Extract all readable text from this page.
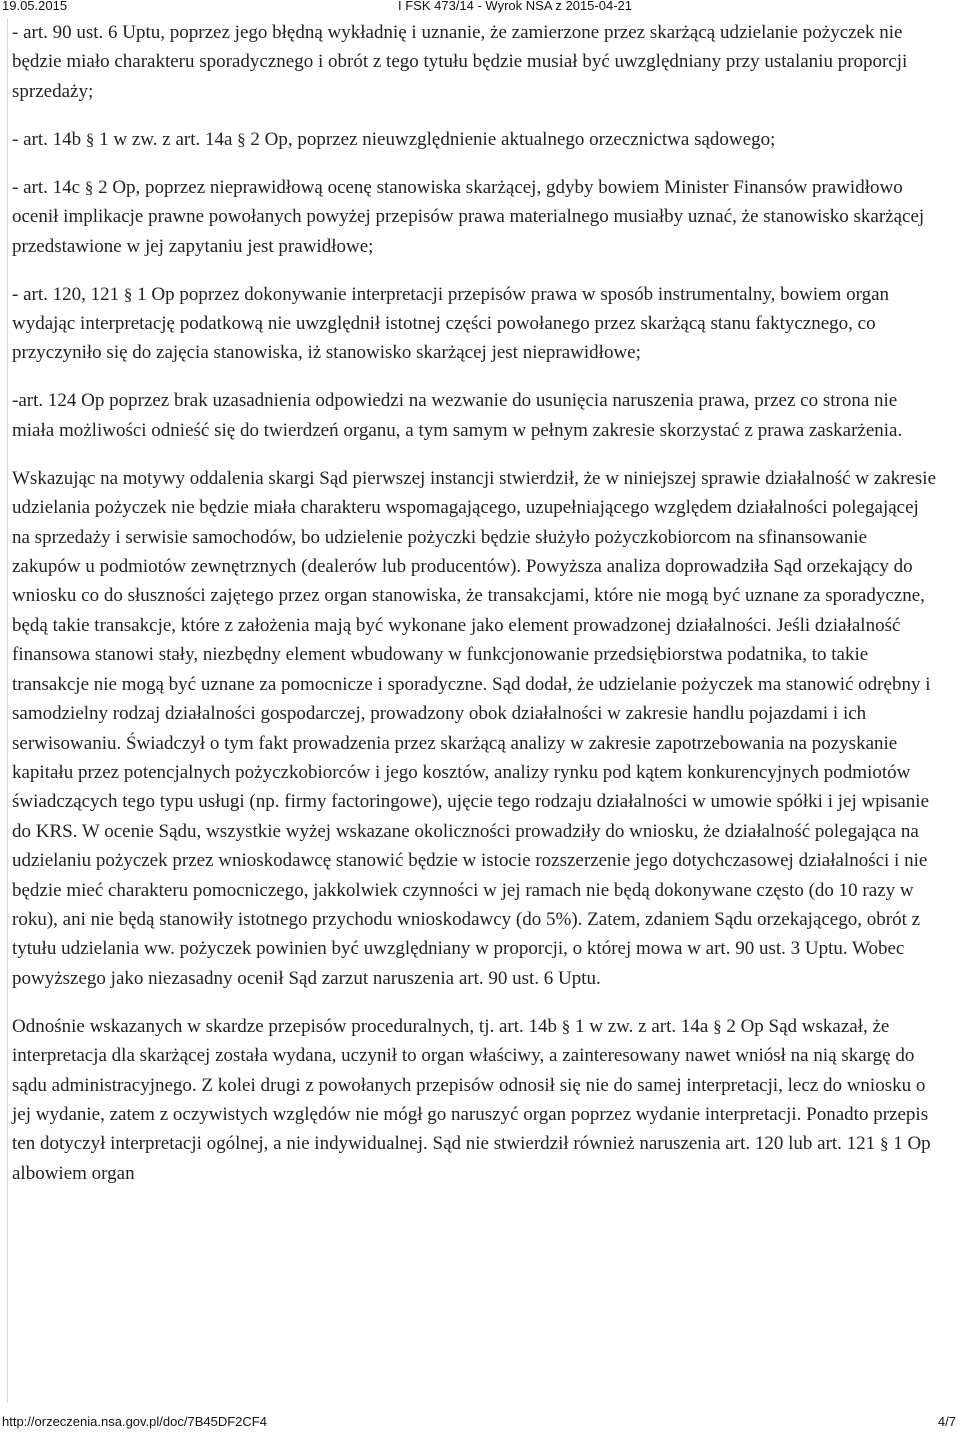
19.05.2015	I FSK 473/14 - Wyrok NSA z 2015-04-21

- art. 90 ust. 6 Uptu, poprzez jego błędną wykładnię i uznanie, że zamierzone przez skarżącą udzielanie pożyczek nie będzie miało charakteru sporadycznego i obrót z tego tytułu będzie musiał być uwzględniany przy ustalaniu proporcji sprzedaży;

- art. 14b § 1 w zw. z art. 14a § 2 Op, poprzez nieuwzględnienie aktualnego orzecznictwa sądowego;

- art. 14c § 2 Op, poprzez nieprawidłową ocenę stanowiska skarżącej, gdyby bowiem Minister Finansów prawidłowo ocenił implikacje prawne powołanych powyżej przepisów prawa materialnego musiałby uznać, że stanowisko skarżącej przedstawione w jej zapytaniu jest prawidłowe;

- art. 120, 121 § 1 Op poprzez dokonywanie interpretacji przepisów prawa w sposób instrumentalny, bowiem organ wydając interpretację podatkową nie uwzględnił istotnej części powołanego przez skarżącą stanu faktycznego, co przyczyniło się do zajęcia stanowiska, iż stanowisko skarżącej jest nieprawidłowe;

-art. 124 Op poprzez brak uzasadnienia odpowiedzi na wezwanie do usunięcia naruszenia prawa, przez co strona nie miała możliwości odnieść się do twierdzeń organu, a tym samym w pełnym zakresie skorzystać z prawa zaskarżenia.

Wskazując na motywy oddalenia skargi Sąd pierwszej instancji stwierdził, że w niniejszej sprawie działalność w zakresie udzielania pożyczek nie będzie miała charakteru wspomagającego, uzupełniającego względem działalności polegającej na sprzedaży i serwisie samochodów, bo udzielenie pożyczki będzie służyło pożyczkobiorcom na sfinansowanie zakupów u podmiotów zewnętrznych (dealerów lub producentów). Powyższa analiza doprowadziła Sąd orzekający do wniosku co do słuszności zajętego przez organ stanowiska, że transakcjami, które nie mogą być uznane za sporadyczne, będą takie transakcje, które z założenia mają być wykonane jako element prowadzonej działalności. Jeśli działalność finansowa stanowi stały, niezbędny element wbudowany w funkcjonowanie przedsiębiorstwa podatnika, to takie transakcje nie mogą być uznane za pomocnicze i sporadyczne. Sąd dodał, że udzielanie pożyczek ma stanowić odrębny i samodzielny rodzaj działalności gospodarczej, prowadzony obok działalności w zakresie handlu pojazdami i ich serwisowaniu. Świadczył o tym fakt prowadzenia przez skarżącą analizy w zakresie zapotrzebowania na pozyskanie kapitału przez potencjalnych pożyczkobiorców i jego kosztów, analizy rynku pod kątem konkurencyjnych podmiotów świadczących tego typu usługi (np. firmy factoringowe), ujęcie tego rodzaju działalności w umowie spółki i jej wpisanie do KRS. W ocenie Sądu, wszystkie wyżej wskazane okoliczności prowadziły do wniosku, że działalność polegająca na udzielaniu pożyczek przez wnioskodawcę stanowić będzie w istocie rozszerzenie jego dotychczasowej działalności i nie będzie mieć charakteru pomocniczego, jakkolwiek czynności w jej ramach nie będą dokonywane często (do 10 razy w roku), ani nie będą stanowiły istotnego przychodu wnioskodawcy (do 5%). Zatem, zdaniem Sądu orzekającego, obrót z tytułu udzielania ww. pożyczek powinien być uwzględniany w proporcji, o której mowa w art. 90 ust. 3 Uptu. Wobec powyższego jako niezasadny ocenił Sąd zarzut naruszenia art. 90 ust. 6 Uptu.

Odnośnie wskazanych w skardze przepisów proceduralnych, tj. art. 14b § 1 w zw. z art. 14a § 2 Op Sąd wskazał, że interpretacja dla skarżącej została wydana, uczynił to organ właściwy, a zainteresowany nawet wniósł na nią skargę do sądu administracyjnego. Z kolei drugi z powołanych przepisów odnosił się nie do samej interpretacji, lecz do wniosku o jej wydanie, zatem z oczywistych względów nie mógł go naruszyć organ poprzez wydanie interpretacji. Ponadto przepis ten dotyczył interpretacji ogólnej, a nie indywidualnej. Sąd nie stwierdził również naruszenia art. 120 lub art. 121 § 1 Op albowiem organ

http://orzeczenia.nsa.gov.pl/doc/7B45DF2CF4	4/7
